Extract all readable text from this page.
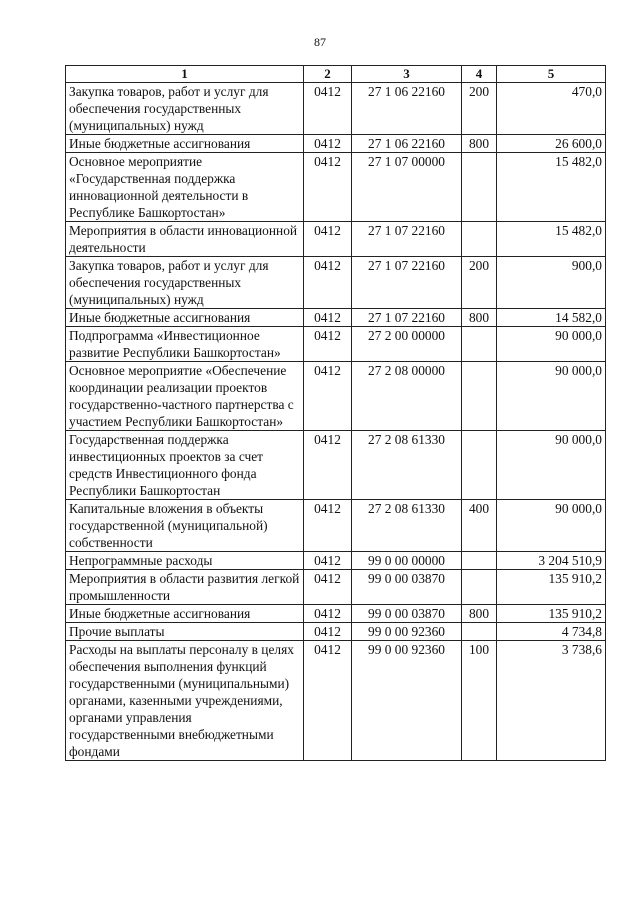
87
1	2	3	4	5
Закупка товаров, работ и услуг для обеспечения государственных (муниципальных) нужд	0412	27 1 06 22160	200	470,0
Иные бюджетные ассигнования	0412	27 1 06 22160	800	26 600,0
Основное мероприятие «Государственная поддержка инновационной деятельности в Республике Башкортостан»	0412	27 1 07 00000		15 482,0
Мероприятия в области инновационной деятельности	0412	27 1 07 22160		15 482,0
Закупка товаров, работ и услуг для обеспечения государственных (муниципальных) нужд	0412	27 1 07 22160	200	900,0
Иные бюджетные ассигнования	0412	27 1 07 22160	800	14 582,0
Подпрограмма «Инвестиционное развитие Республики Башкортостан»	0412	27 2 00 00000		90 000,0
Основное мероприятие «Обеспечение координации реализации проектов государственно-частного партнерства с участием Республики Башкортостан»	0412	27 2 08 00000		90 000,0
Государственная поддержка инвестиционных проектов за счет средств Инвестиционного фонда Республики Башкортостан	0412	27 2 08 61330		90 000,0
Капитальные вложения в объекты государственной (муниципальной) собственности	0412	27 2 08 61330	400	90 000,0
Непрограммные расходы	0412	99 0 00 00000		3 204 510,9
Мероприятия в области развития легкой промышленности	0412	99 0 00 03870		135 910,2
Иные бюджетные ассигнования	0412	99 0 00 03870	800	135 910,2
Прочие выплаты	0412	99 0 00 92360		4 734,8
Расходы на выплаты персоналу в целях обеспечения выполнения функций государственными (муниципальными) органами, казенными учреждениями, органами управления государственными внебюджетными фондами	0412	99 0 00 92360	100	3 738,6
